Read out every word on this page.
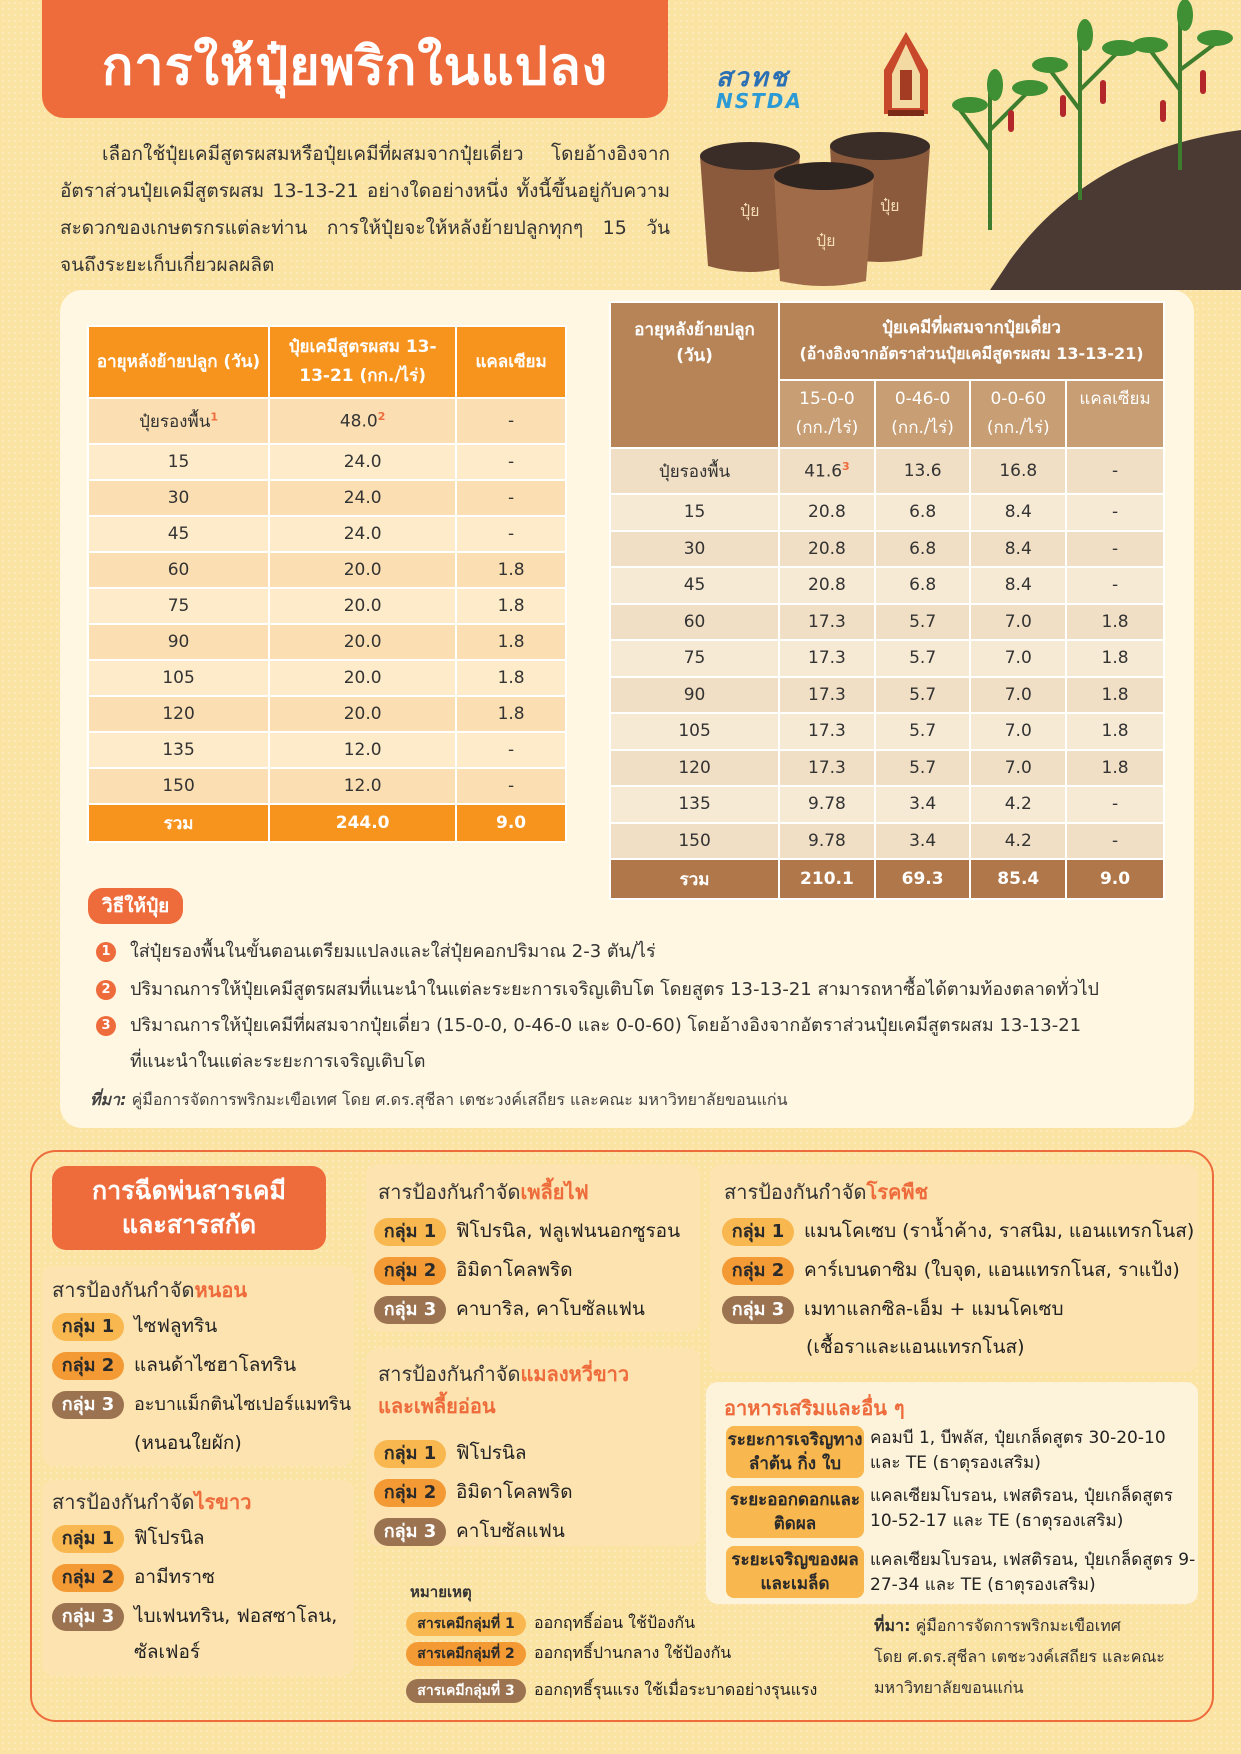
การให้ปุ๋ยพริกในแปลง	สวทช
NSTDA
ปุ๋ย	ปุ๋ย
ปุ๋ย
เลือกใช้ปุ๋ยเคมีสูตรผสมหรือปุ๋ยเคมีที่ผสมจากปุ๋ยเดี่ยว โดยอ้างอิงจากอัตราส่วนปุ๋ยเคมีสูตรผสม 13-13-21 อย่างใดอย่างหนึ่ง ทั้งนี้ขึ้นอยู่กับความสะดวกของเกษตรกรแต่ละท่าน การให้ปุ๋ยจะให้หลังย้ายปลูกทุกๆ 15 วัน จนถึงระยะเก็บเกี่ยวผลผลิต
อายุหลังย้ายปลูก (วัน)	ปุ๋ยเคมีสูตรผสม 13-13-21 (กก./ไร่)	แคลเซียม
ปุ๋ยรองพื้น$^1$	48.0$^2$	-
15	24.0	-
30	24.0	-
45	24.0	-
60	20.0	1.8
75	20.0	1.8
90	20.0	1.8
105	20.0	1.8
120	20.0	1.8
135	12.0	-
150	12.0	-
รวม	244.0	9.0
อายุหลังย้ายปลูก (วัน)	ปุ๋ยเคมีที่ผสมจากปุ๋ยเดี่ยว
(อ้างอิงจากอัตราส่วนปุ๋ยเคมีสูตรผสม 13-13-21)			

	15-0-0 (กก./ไร่)	0-46-0 (กก./ไร่)	0-0-60 (กก./ไร่)	แคลเซียม
ปุ๋ยรองพื้น	41.6$^3$	13.6	16.8	-
15	20.8	6.8	8.4	-
30	20.8	6.8	8.4	-
45	20.8	6.8	8.4	-
60	17.3	5.7	7.0	1.8
75	17.3	5.7	7.0	1.8
90	17.3	5.7	7.0	1.8
105	17.3	5.7	7.0	1.8
120	17.3	5.7	7.0	1.8
135	9.78	3.4	4.2	-
150	9.78	3.4	4.2	-
รวม	210.1	69.3	85.4	9.0
วิธีให้ปุ๋ย
1 ใส่ปุ๋ยรองพื้นในขั้นตอนเตรียมแปลงและใส่ปุ๋ยคอกปริมาณ 2-3 ตัน/ไร่
2 ปริมาณการให้ปุ๋ยเคมีสูตรผสมที่แนะนำในแต่ละระยะการเจริญเติบโต โดยสูตร 13-13-21 สามารถหาซื้อได้ตามท้องตลาดทั่วไป
3 ปริมาณการให้ปุ๋ยเคมีที่ผสมจากปุ๋ยเดี่ยว (15-0-0, 0-46-0 และ 0-0-60) โดยอ้างอิงจากอัตราส่วนปุ๋ยเคมีสูตรผสม 13-13-21
ที่แนะนำในแต่ละระยะการเจริญเติบโต
ที่มา: คู่มือการจัดการพริกมะเขือเทศ โดย ศ.ดร.สุชีลา เตชะวงค์เสถียร และคณะ มหาวิทยาลัยขอนแก่น
การฉีดพ่นสารเคมี
และสารสกัด
สารป้องกันกำจัดหนอน
กลุ่ม 1 ไซฟลูทริน
กลุ่ม 2 แลนด้าไซฮาโลทริน
กลุ่ม 3 อะบาแม็กตินไซเปอร์แมทริน
(หนอนใยผัก)
สารป้องกันกำจัดไรขาว
กลุ่ม 1 ฟิโปรนิล
กลุ่ม 2 อามีทราซ
กลุ่ม 3 ไบเฟนทริน, ฟอสซาโลน,
ซัลเฟอร์
สารป้องกันกำจัดเพลี้ยไฟ
กลุ่ม 1 ฟิโปรนิล, ฟลูเฟนนอกซูรอน
กลุ่ม 2 อิมิดาโคลพริด
กลุ่ม 3 คาบาริล, คาโบซัลแฟน
สารป้องกันกำจัดแมลงหวี่ขาว
และเพลี้ยอ่อน
กลุ่ม 1 ฟิโปรนิล
กลุ่ม 2 อิมิดาโคลพริด
กลุ่ม 3 คาโบซัลแฟน
สารป้องกันกำจัดโรคพืช
กลุ่ม 1 แมนโคเซบ (ราน้ำค้าง, ราสนิม, แอนแทรกโนส)
กลุ่ม 2 คาร์เบนดาซิม (ใบจุด, แอนแทรกโนส, ราแป้ง)
กลุ่ม 3 เมทาแลกซิล-เอ็ม + แมนโคเซบ
(เชื้อราและแอนแทรกโนส)
อาหารเสริมและอื่น ๆ
ระยะการเจริญทางลำต้น กิ่ง ใบ
คอมบี 1, บีพลัส, ปุ๋ยเกล็ดสูตร 30-20-10 และ TE (ธาตุรองเสริม)
ระยะออกดอกและติดผล
แคลเซียมโบรอน, เฟสติรอน, ปุ๋ยเกล็ดสูตร 10-52-17 และ TE (ธาตุรองเสริม)
ระยะเจริญของผลและเมล็ด
แคลเซียมโบรอน, เฟสติรอน, ปุ๋ยเกล็ดสูตร 9-27-34 และ TE (ธาตุรองเสริม)
หมายเหตุ
สารเคมีกลุ่มที่ 1 ออกฤทธิ์อ่อน ใช้ป้องกัน
สารเคมีกลุ่มที่ 2 ออกฤทธิ์ปานกลาง ใช้ป้องกัน
สารเคมีกลุ่มที่ 3 ออกฤทธิ์รุนแรง ใช้เมื่อระบาดอย่างรุนแรง
ที่มา: คู่มือการจัดการพริกมะเขือเทศ
โดย ศ.ดร.สุชีลา เตชะวงค์เสถียร และคณะ
มหาวิทยาลัยขอนแก่น
